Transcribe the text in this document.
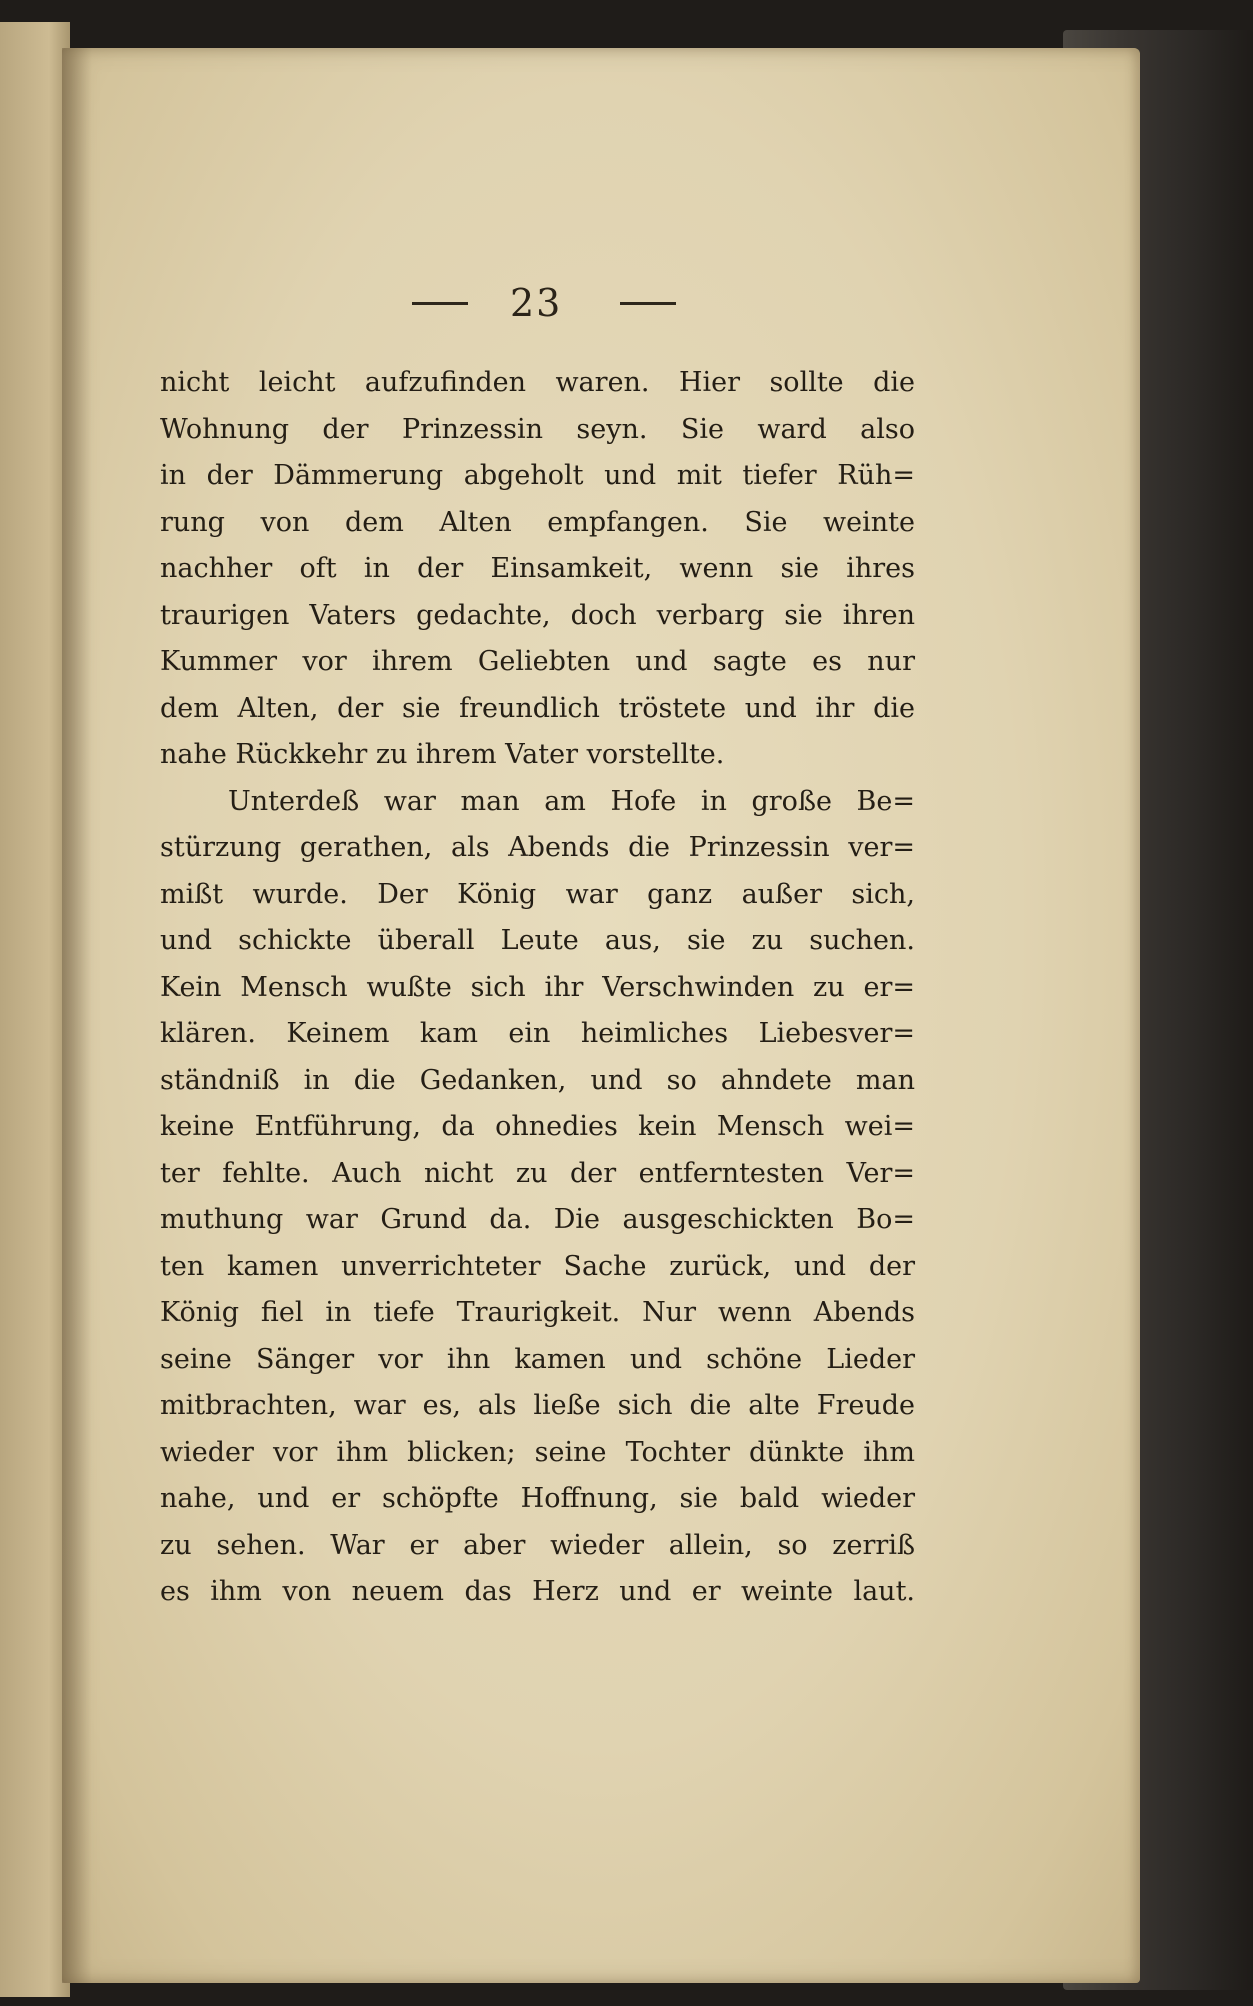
23
nicht leicht aufzufinden waren. Hier sollte die
Wohnung der Prinzessin seyn. Sie ward also
in der Dämmerung abgeholt und mit tiefer Rüh=
rung von dem Alten empfangen. Sie weinte
nachher oft in der Einsamkeit, wenn sie ihres
traurigen Vaters gedachte, doch verbarg sie ihren
Kummer vor ihrem Geliebten und sagte es nur
dem Alten, der sie freundlich tröstete und ihr die
nahe Rückkehr zu ihrem Vater vorstellte.
Unterdeß war man am Hofe in große Be=
stürzung gerathen, als Abends die Prinzessin ver=
mißt wurde. Der König war ganz außer sich,
und schickte überall Leute aus, sie zu suchen.
Kein Mensch wußte sich ihr Verschwinden zu er=
klären. Keinem kam ein heimliches Liebesver=
ständniß in die Gedanken, und so ahndete man
keine Entführung, da ohnedies kein Mensch wei=
ter fehlte. Auch nicht zu der entferntesten Ver=
muthung war Grund da. Die ausgeschickten Bo=
ten kamen unverrichteter Sache zurück, und der
König fiel in tiefe Traurigkeit. Nur wenn Abends
seine Sänger vor ihn kamen und schöne Lieder
mitbrachten, war es, als ließe sich die alte Freude
wieder vor ihm blicken; seine Tochter dünkte ihm
nahe, und er schöpfte Hoffnung, sie bald wieder
zu sehen. War er aber wieder allein, so zerriß
es ihm von neuem das Herz und er weinte laut.
